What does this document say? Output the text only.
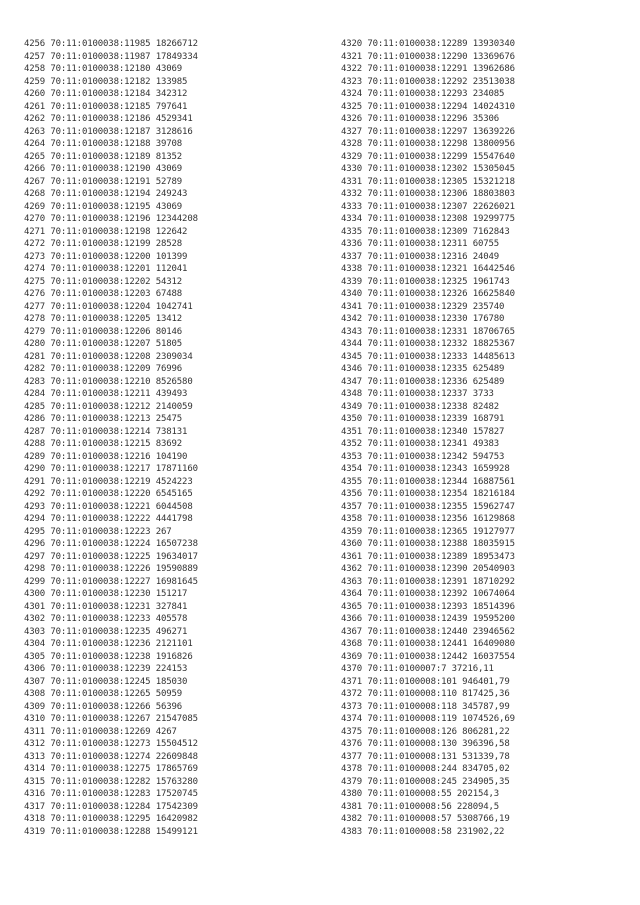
4256 70:11:0100038:11985 18266712
4257 70:11:0100038:11987 17849334
4258 70:11:0100038:12180 43069
4259 70:11:0100038:12182 133985
4260 70:11:0100038:12184 342312
4261 70:11:0100038:12185 797641
4262 70:11:0100038:12186 4529341
4263 70:11:0100038:12187 3128616
4264 70:11:0100038:12188 39708
4265 70:11:0100038:12189 81352
4266 70:11:0100038:12190 43069
4267 70:11:0100038:12191 52789
4268 70:11:0100038:12194 249243
4269 70:11:0100038:12195 43069
4270 70:11:0100038:12196 12344208
4271 70:11:0100038:12198 122642
4272 70:11:0100038:12199 28528
4273 70:11:0100038:12200 101399
4274 70:11:0100038:12201 112041
4275 70:11:0100038:12202 54312
4276 70:11:0100038:12203 67488
4277 70:11:0100038:12204 1042741
4278 70:11:0100038:12205 13412
4279 70:11:0100038:12206 80146
4280 70:11:0100038:12207 51805
4281 70:11:0100038:12208 2309034
4282 70:11:0100038:12209 76996
4283 70:11:0100038:12210 8526580
4284 70:11:0100038:12211 439493
4285 70:11:0100038:12212 2140059
4286 70:11:0100038:12213 25475
4287 70:11:0100038:12214 738131
4288 70:11:0100038:12215 83692
4289 70:11:0100038:12216 104190
4290 70:11:0100038:12217 17871160
4291 70:11:0100038:12219 4524223
4292 70:11:0100038:12220 6545165
4293 70:11:0100038:12221 6044508
4294 70:11:0100038:12222 4441798
4295 70:11:0100038:12223 267
4296 70:11:0100038:12224 16507238
4297 70:11:0100038:12225 19634017
4298 70:11:0100038:12226 19590889
4299 70:11:0100038:12227 16981645
4300 70:11:0100038:12230 151217
4301 70:11:0100038:12231 327841
4302 70:11:0100038:12233 405578
4303 70:11:0100038:12235 496271
4304 70:11:0100038:12236 2121101
4305 70:11:0100038:12238 1916826
4306 70:11:0100038:12239 224153
4307 70:11:0100038:12245 185030
4308 70:11:0100038:12265 50959
4309 70:11:0100038:12266 56396
4310 70:11:0100038:12267 21547085
4311 70:11:0100038:12269 4267
4312 70:11:0100038:12273 15504512
4313 70:11:0100038:12274 22609848
4314 70:11:0100038:12275 17865769
4315 70:11:0100038:12282 15763280
4316 70:11:0100038:12283 17520745
4317 70:11:0100038:12284 17542309
4318 70:11:0100038:12295 16420982
4319 70:11:0100038:12288 15499121
4320 70:11:0100038:12289 13930340
4321 70:11:0100038:12290 13369676
4322 70:11:0100038:12291 13962686
4323 70:11:0100038:12292 23513038
4324 70:11:0100038:12293 234085
4325 70:11:0100038:12294 14024310
4326 70:11:0100038:12296 35306
4327 70:11:0100038:12297 13639226
4328 70:11:0100038:12298 13800956
4329 70:11:0100038:12299 15547640
4330 70:11:0100038:12302 15305045
4331 70:11:0100038:12305 15321218
4332 70:11:0100038:12306 18803803
4333 70:11:0100038:12307 22626021
4334 70:11:0100038:12308 19299775
4335 70:11:0100038:12309 7162843
4336 70:11:0100038:12311 60755
4337 70:11:0100038:12316 24049
4338 70:11:0100038:12321 16442546
4339 70:11:0100038:12325 1961743
4340 70:11:0100038:12326 16625840
4341 70:11:0100038:12329 235740
4342 70:11:0100038:12330 176780
4343 70:11:0100038:12331 18706765
4344 70:11:0100038:12332 18825367
4345 70:11:0100038:12333 14485613
4346 70:11:0100038:12335 625489
4347 70:11:0100038:12336 625489
4348 70:11:0100038:12337 3733
4349 70:11:0100038:12338 82482
4350 70:11:0100038:12339 168791
4351 70:11:0100038:12340 157827
4352 70:11:0100038:12341 49383
4353 70:11:0100038:12342 594753
4354 70:11:0100038:12343 1659928
4355 70:11:0100038:12344 16887561
4356 70:11:0100038:12354 18216184
4357 70:11:0100038:12355 15962747
4358 70:11:0100038:12356 16129868
4359 70:11:0100038:12365 19127977
4360 70:11:0100038:12388 18035915
4361 70:11:0100038:12389 18953473
4362 70:11:0100038:12390 20540903
4363 70:11:0100038:12391 18710292
4364 70:11:0100038:12392 10674064
4365 70:11:0100038:12393 18514396
4366 70:11:0100038:12439 19595200
4367 70:11:0100038:12440 23946562
4368 70:11:0100038:12441 16409080
4369 70:11:0100038:12442 16037554
4370 70:11:0100007:7 37216,11
4371 70:11:0100008:101 946401,79
4372 70:11:0100008:110 817425,36
4373 70:11:0100008:118 345787,99
4374 70:11:0100008:119 1074526,69
4375 70:11:0100008:126 806281,22
4376 70:11:0100008:130 396396,58
4377 70:11:0100008:131 531339,78
4378 70:11:0100008:244 834705,02
4379 70:11:0100008:245 234905,35
4380 70:11:0100008:55 202154,3
4381 70:11:0100008:56 228094,5
4382 70:11:0100008:57 5308766,19
4383 70:11:0100008:58 231902,22
